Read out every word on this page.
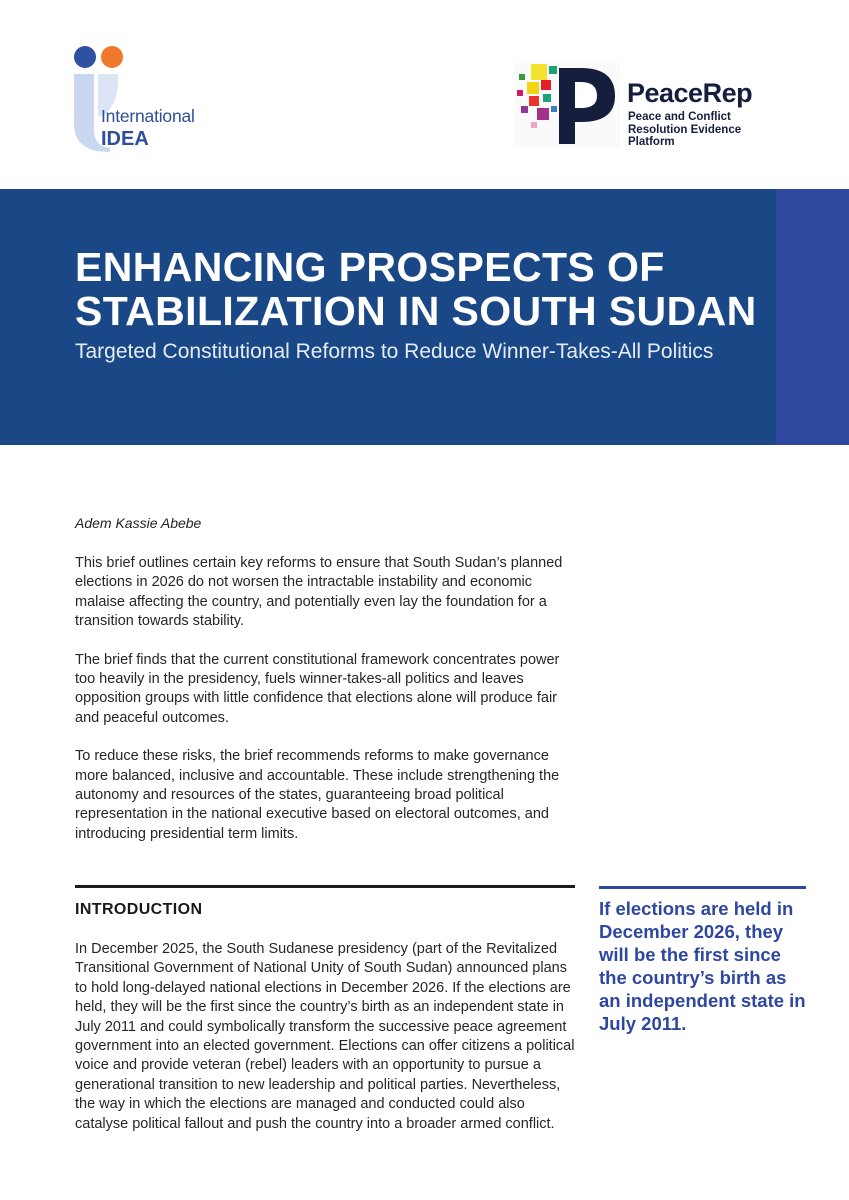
International
IDEA
PeaceRep
Peace and Conflict Resolution Evidence Platform
ENHANCING PROSPECTS OF STABILIZATION IN SOUTH SUDAN
Targeted Constitutional Reforms to Reduce Winner-Takes-All Politics

Adem Kassie Abebe

This brief outlines certain key reforms to ensure that South Sudan’s planned elections in 2026 do not worsen the intractable instability and economic malaise affecting the country, and potentially even lay the foundation for a transition towards stability.

The brief finds that the current constitutional framework concentrates power too heavily in the presidency, fuels winner-takes-all politics and leaves opposition groups with little confidence that elections alone will produce fair and peaceful outcomes.

To reduce these risks, the brief recommends reforms to make governance more balanced, inclusive and accountable. These include strengthening the autonomy and resources of the states, guaranteeing broad political representation in the national executive based on electoral outcomes, and introducing presidential term limits.

INTRODUCTION

In December 2025, the South Sudanese presidency (part of the Revitalized Transitional Government of National Unity of South Sudan) announced plans to hold long-delayed national elections in December 2026. If the elections are held, they will be the first since the country’s birth as an independent state in July 2011 and could symbolically transform the successive peace agreement government into an elected government. Elections can offer citizens a political voice and provide veteran (rebel) leaders with an opportunity to pursue a generational transition to new leadership and political parties. Nevertheless, the way in which the elections are managed and conducted could also catalyse political fallout and push the country into a broader armed conflict.

If elections are held in December 2026, they will be the first since the country’s birth as an independent state in July 2011.
